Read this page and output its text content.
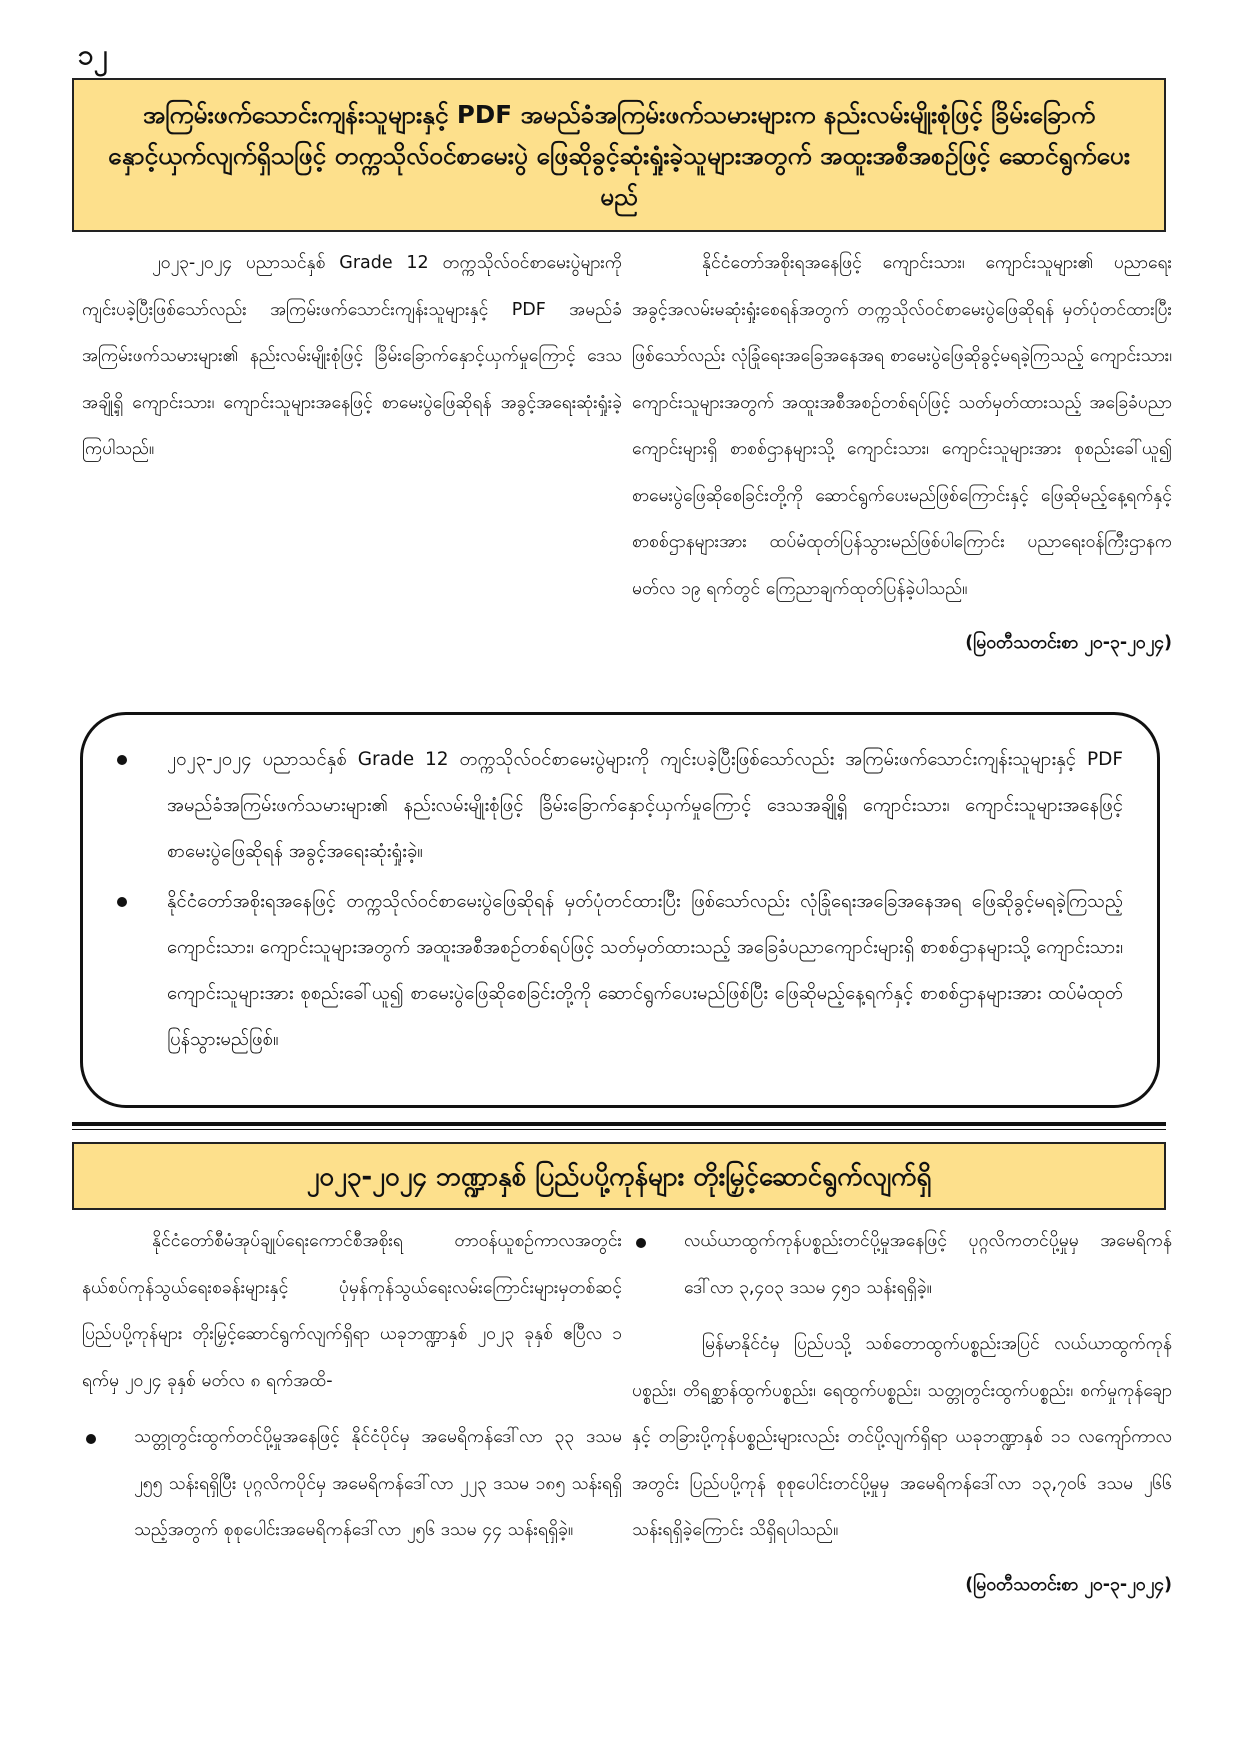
၁၂

အကြမ်းဖက်သောင်းကျန်းသူများနှင့် PDF အမည်ခံအကြမ်းဖက်သမားများက နည်းလမ်းမျိုးစုံဖြင့် ခြိမ်းခြောက်နှောင့်ယှက်လျက်ရှိသဖြင့် တက္ကသိုလ်ဝင်စာမေးပွဲ ဖြေဆိုခွင့်ဆုံးရှုံးခဲ့သူများအတွက် အထူးအစီအစဉ်ဖြင့် ဆောင်ရွက်ပေးမည်

၂၀၂၃-၂၀၂၄ ပညာသင်နှစ် Grade 12 တက္ကသိုလ်ဝင်စာမေးပွဲများကို ကျင်းပခဲ့ပြီးဖြစ်သော်လည်း အကြမ်းဖက်သောင်းကျန်းသူများနှင့် PDF အမည်ခံအကြမ်းဖက်သမားများ၏ နည်းလမ်းမျိုးစုံဖြင့် ခြိမ်းခြောက်နှောင့်ယှက်မှုကြောင့် ဒေသအချို့ရှိ ကျောင်းသား၊ ကျောင်းသူများအနေဖြင့် စာမေးပွဲဖြေဆိုရန် အခွင့်အရေးဆုံးရှုံးခဲ့ကြပါသည်။

နိုင်ငံတော်အစိုးရအနေဖြင့် ကျောင်းသား၊ ကျောင်းသူများ၏ ပညာရေးအခွင့်အလမ်းမဆုံးရှုံးစေရန်အတွက် တက္ကသိုလ်ဝင်စာမေးပွဲဖြေဆိုရန် မှတ်ပုံတင်ထားပြီး ဖြစ်သော်လည်း လုံခြုံရေးအခြေအနေအရ စာမေးပွဲဖြေဆိုခွင့်မရခဲ့ကြသည့် ကျောင်းသား၊ ကျောင်းသူများအတွက် အထူးအစီအစဉ်တစ်ရပ်ဖြင့် သတ်မှတ်ထားသည့် အခြေခံပညာကျောင်းများရှိ စာစစ်ဌာနများသို့ ကျောင်းသား၊ ကျောင်းသူများအား စုစည်းခေါ်ယူ၍ စာမေးပွဲဖြေဆိုစေခြင်းတို့ကို ဆောင်ရွက်ပေးမည်ဖြစ်ကြောင်းနှင့် ဖြေဆိုမည့်နေ့ရက်နှင့် စာစစ်ဌာနများအား ထပ်မံထုတ်ပြန်သွားမည်ဖြစ်ပါကြောင်း ပညာရေးဝန်ကြီးဌာနက မတ်လ ၁၉ ရက်တွင် ကြေညာချက်ထုတ်ပြန်ခဲ့ပါသည်။

(မြဝတီသတင်းစာ ၂၀-၃-၂၀၂၄)

၂၀၂၃-၂၀၂၄ ပညာသင်နှစ် Grade 12 တက္ကသိုလ်ဝင်စာမေးပွဲများကို ကျင်းပခဲ့ပြီးဖြစ်သော်လည်း အကြမ်းဖက်သောင်းကျန်းသူများနှင့် PDF အမည်ခံအကြမ်းဖက်သမားများ၏ နည်းလမ်းမျိုးစုံဖြင့် ခြိမ်းခြောက်နှောင့်ယှက်မှုကြောင့် ဒေသအချို့ရှိ ကျောင်းသား၊ ကျောင်းသူများအနေဖြင့် စာမေးပွဲဖြေဆိုရန် အခွင့်အရေးဆုံးရှုံးခဲ့။
နိုင်ငံတော်အစိုးရအနေဖြင့် တက္ကသိုလ်ဝင်စာမေးပွဲဖြေဆိုရန် မှတ်ပုံတင်ထားပြီး ဖြစ်သော်လည်း လုံခြုံရေးအခြေအနေအရ ဖြေဆိုခွင့်မရခဲ့ကြသည့် ကျောင်းသား၊ ကျောင်းသူများအတွက် အထူးအစီအစဉ်တစ်ရပ်ဖြင့် သတ်မှတ်ထားသည့် အခြေခံပညာကျောင်းများရှိ စာစစ်ဌာနများသို့ ကျောင်းသား၊ ကျောင်းသူများအား စုစည်းခေါ်ယူ၍ စာမေးပွဲဖြေဆိုစေခြင်းတို့ကို ဆောင်ရွက်ပေးမည်ဖြစ်ပြီး ဖြေဆိုမည့်နေ့ရက်နှင့် စာစစ်ဌာနများအား ထပ်မံထုတ်ပြန်သွားမည်ဖြစ်။

၂၀၂၃-၂၀၂၄ ဘဏ္ဍာနှစ် ပြည်ပပို့ကုန်များ တိုးမြှင့်ဆောင်ရွက်လျက်ရှိ

နိုင်ငံတော်စီမံအုပ်ချုပ်ရေးကောင်စီအစိုးရ တာဝန်ယူစဉ်ကာလအတွင်း နယ်စပ်ကုန်သွယ်ရေးစခန်းများနှင့် ပုံမှန်ကုန်သွယ်ရေးလမ်းကြောင်းများမှတစ်ဆင့် ပြည်ပပို့ကုန်များ တိုးမြှင့်ဆောင်ရွက်လျက်ရှိရာ ယခုဘဏ္ဍာနှစ် ၂၀၂၃ ခုနှစ် ဧပြီလ ၁ ရက်မှ ၂၀၂၄ ခုနှစ် မတ်လ ၈ ရက်အထိ-

သတ္တုတွင်းထွက်တင်ပို့မှုအနေဖြင့် နိုင်ငံပိုင်မှ အမေရိကန်ဒေါ်လာ ၃၃ ဒသမ ၂၅၅ သန်းရရှိပြီး ပုဂ္ဂလိကပိုင်မှ အမေရိကန်ဒေါ်လာ ၂၂၃ ဒသမ ၁၈၅ သန်းရရှိသည့်အတွက် စုစုပေါင်းအမေရိကန်ဒေါ်လာ ၂၅၆ ဒသမ ၄၄ သန်းရရှိခဲ့။
လယ်ယာထွက်ကုန်ပစ္စည်းတင်ပို့မှုအနေဖြင့် ပုဂ္ဂလိကတင်ပို့မှုမှ အမေရိကန် ဒေါ်လာ ၃,၄၀၃ ဒသမ ၄၅၁ သန်းရရှိခဲ့။

မြန်မာနိုင်ငံမှ ပြည်ပသို့ သစ်တောထွက်ပစ္စည်းအပြင် လယ်ယာထွက်ကုန်ပစ္စည်း၊ တိရစ္ဆာန်ထွက်ပစ္စည်း၊ ရေထွက်ပစ္စည်း၊ သတ္တုတွင်းထွက်ပစ္စည်း၊ စက်မှုကုန်ချောနှင့် တခြားပို့ကုန်ပစ္စည်းများလည်း တင်ပို့လျက်ရှိရာ ယခုဘဏ္ဍာနှစ် ၁၁ လကျော်ကာလအတွင်း ပြည်ပပို့ကုန် စုစုပေါင်းတင်ပို့မှုမှ အမေရိကန်ဒေါ်လာ ၁၃,၇၀၆ ဒသမ ၂၆၆ သန်းရရှိခဲ့ကြောင်း သိရှိရပါသည်။

(မြဝတီသတင်းစာ ၂၀-၃-၂၀၂၄)
